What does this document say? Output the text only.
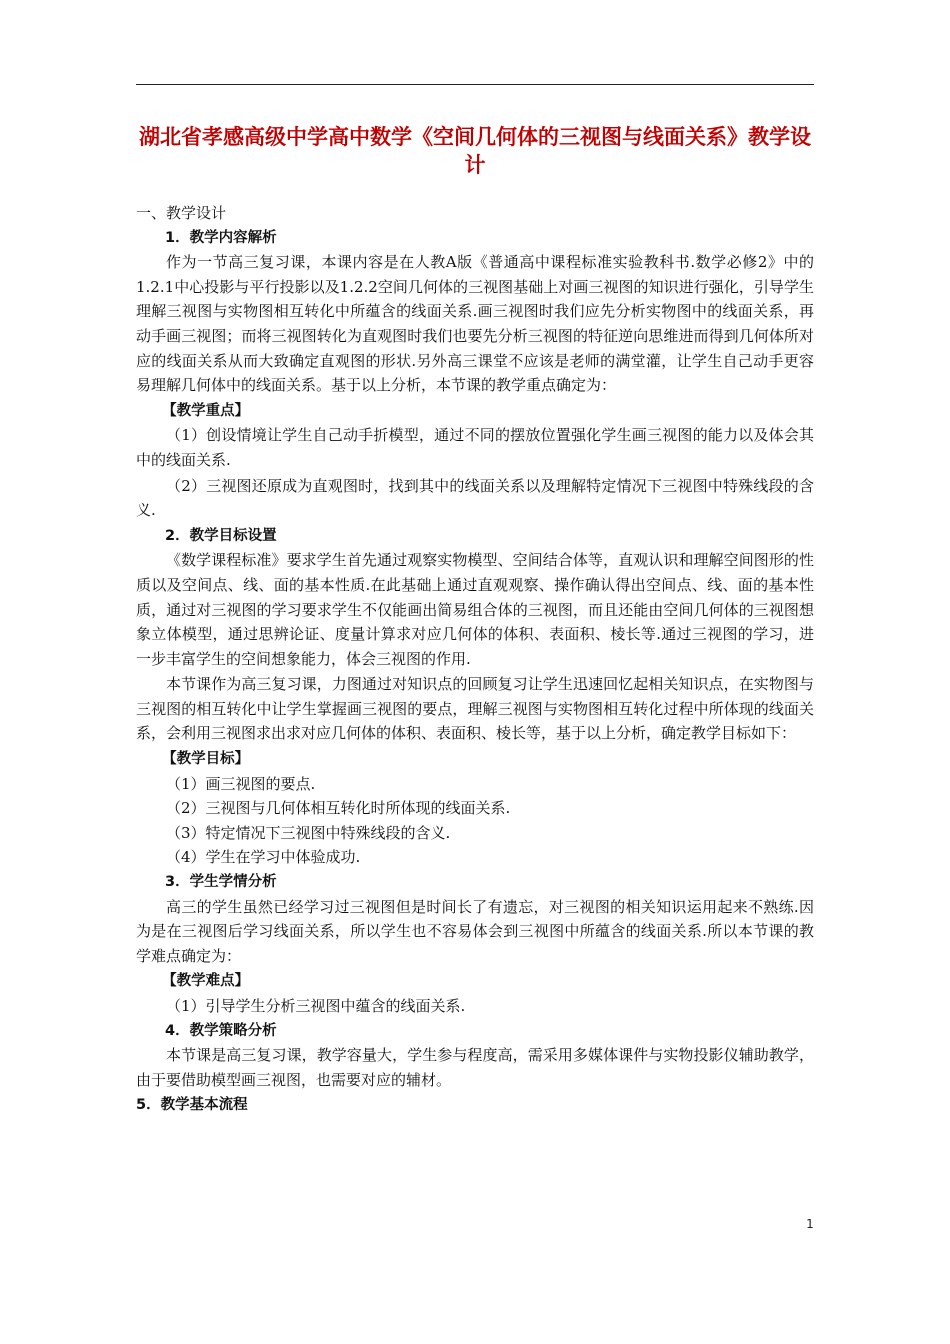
湖北省孝感高级中学高中数学《空间几何体的三视图与线面关系》教学设计

一、教学设计

1．教学内容解析

作为一节高三复习课，本课内容是在人教A版《普通高中课程标准实验教科书.数学必修2》中的1.2.1中心投影与平行投影以及1.2.2空间几何体的三视图基础上对画三视图的知识进行强化，引导学生理解三视图与实物图相互转化中所蕴含的线面关系.画三视图时我们应先分析实物图中的线面关系，再动手画三视图；而将三视图转化为直观图时我们也要先分析三视图的特征逆向思维进而得到几何体所对应的线面关系从而大致确定直观图的形状.另外高三课堂不应该是老师的满堂灌，让学生自己动手更容易理解几何体中的线面关系。基于以上分析，本节课的教学重点确定为：

【教学重点】

（1）创设情境让学生自己动手折模型，通过不同的摆放位置强化学生画三视图的能力以及体会其中的线面关系.

（2）三视图还原成为直观图时，找到其中的线面关系以及理解特定情况下三视图中特殊线段的含义.

2．教学目标设置

《数学课程标准》要求学生首先通过观察实物模型、空间结合体等，直观认识和理解空间图形的性质以及空间点、线、面的基本性质.在此基础上通过直观观察、操作确认得出空间点、线、面的基本性质，通过对三视图的学习要求学生不仅能画出简易组合体的三视图，而且还能由空间几何体的三视图想象立体模型，通过思辨论证、度量计算求对应几何体的体积、表面积、棱长等.通过三视图的学习，进一步丰富学生的空间想象能力，体会三视图的作用.

本节课作为高三复习课，力图通过对知识点的回顾复习让学生迅速回忆起相关知识点，在实物图与三视图的相互转化中让学生掌握画三视图的要点，理解三视图与实物图相互转化过程中所体现的线面关系，会利用三视图求出求对应几何体的体积、表面积、棱长等，基于以上分析，确定教学目标如下：

【教学目标】

（1）画三视图的要点.

（2）三视图与几何体相互转化时所体现的线面关系.

（3）特定情况下三视图中特殊线段的含义.

（4）学生在学习中体验成功.

3．学生学情分析

高三的学生虽然已经学习过三视图但是时间长了有遗忘，对三视图的相关知识运用起来不熟练.因为是在三视图后学习线面关系，所以学生也不容易体会到三视图中所蕴含的线面关系.所以本节课的教学难点确定为：

【教学难点】

（1）引导学生分析三视图中蕴含的线面关系.

4．教学策略分析

本节课是高三复习课，教学容量大，学生参与程度高，需采用多媒体课件与实物投影仪辅助教学，由于要借助模型画三视图，也需要对应的辅材。

5．教学基本流程

1
